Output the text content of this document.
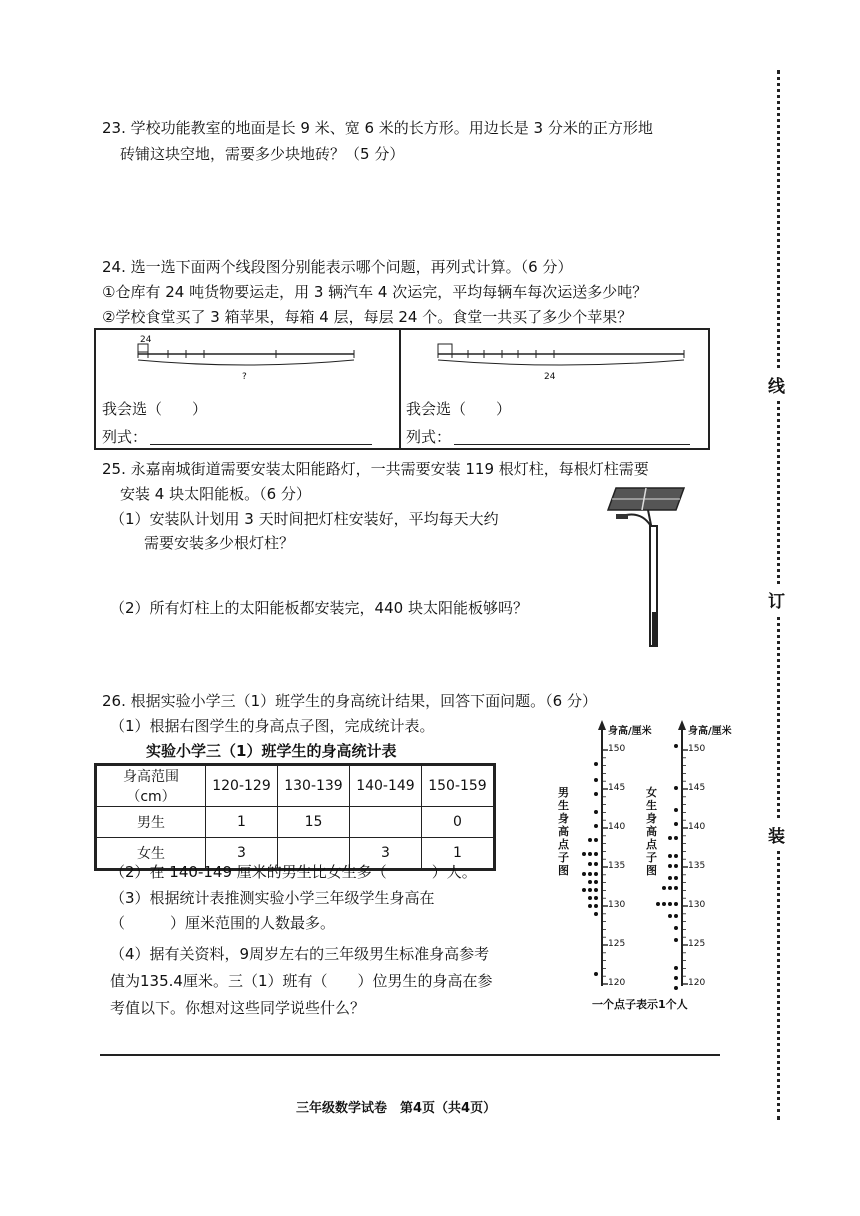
线
订
装
23. 学校功能教室的地面是长 9 米、宽 6 米的长方形。用边长是 3 分米的正方形地
砖铺这块空地，需要多少块地砖？（5 分）
24. 选一选下面两个线段图分别能表示哪个问题，再列式计算。（6 分）
①仓库有 24 吨货物要运走，用 3 辆汽车 4 次运完，平均每辆车每次运送多少吨？
②学校食堂买了 3 箱苹果，每箱 4 层，每层 24 个。食堂一共买了多少个苹果？
24
?
我会选（　　）
列式：
24
我会选（　　）
列式：
25. 永嘉南城街道需要安装太阳能路灯，一共需要安装 119 根灯柱，每根灯柱需要
安装 4 块太阳能板。（6 分）
（1）安装队计划用 3 天时间把灯柱安装好，平均每天大约
需要安装多少根灯柱？
（2）所有灯柱上的太阳能板都安装完，440 块太阳能板够吗？
26. 根据实验小学三（1）班学生的身高统计结果，回答下面问题。（6 分）
（1）根据右图学生的身高点子图，完成统计表。
实验小学三（1）班学生的身高统计表
身高范围（cm）	120-129	130-139	140-149	150-159
男生	1	15		0
女生	3		3	1
（2）在 140-149 厘米的男生比女生多（　　　）人。
（3）根据统计表推测实验小学三年级学生身高在
（　　　）厘米范围的人数最多。
（4）据有关资料，9周岁左右的三年级男生标准身高参考
值为135.4厘米。三（1）班有（　　）位男生的身高在参
考值以下。你想对这些同学说些什么？
身高/厘米	身高/厘米
男生身高点子图
女生身高点子图
150
145
140
135
130
125
120
150
145
140
135
130
125
120
一个点子表示1个人
三年级数学试卷　第4页（共4页）
